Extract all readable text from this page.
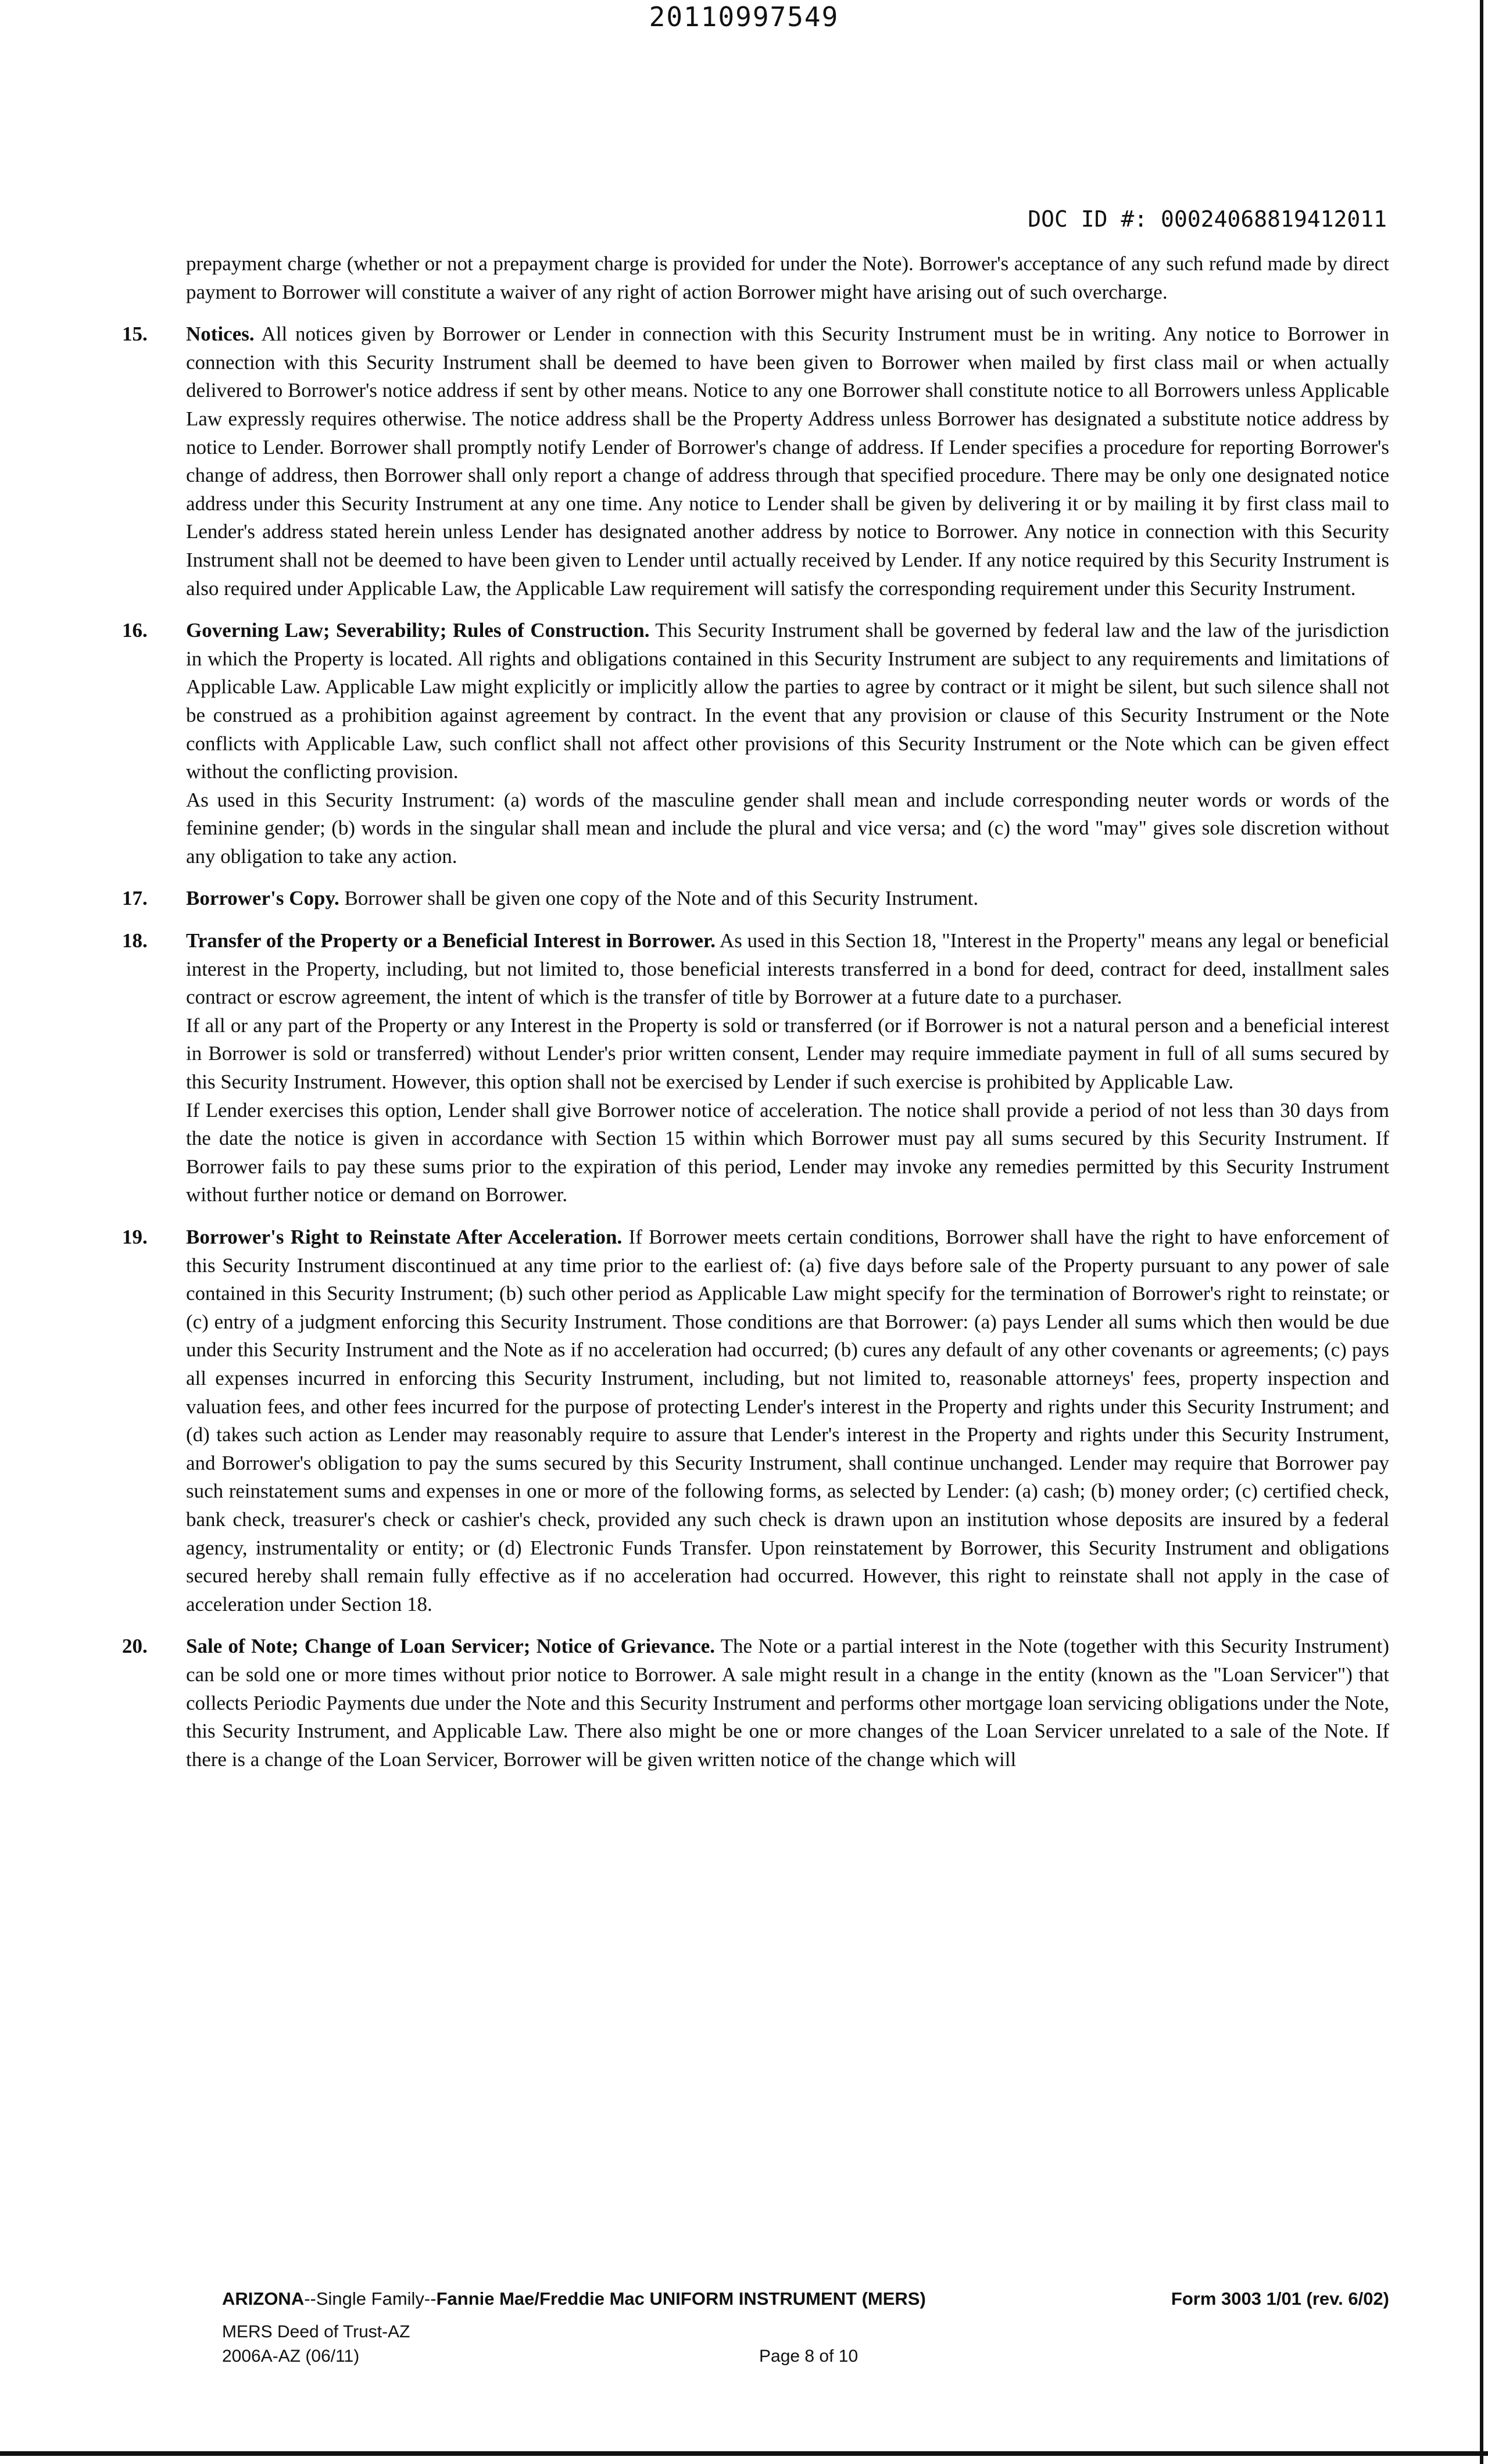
20110997549
DOC ID #: 00024068819412011

prepayment charge (whether or not a prepayment charge is provided for under the Note). Borrower's acceptance of any such refund made by direct payment to Borrower will constitute a waiver of any right of action Borrower might have arising out of such overcharge.

15. Notices. All notices given by Borrower or Lender in connection with this Security Instrument must be in writing. Any notice to Borrower in connection with this Security Instrument shall be deemed to have been given to Borrower when mailed by first class mail or when actually delivered to Borrower's notice address if sent by other means. Notice to any one Borrower shall constitute notice to all Borrowers unless Applicable Law expressly requires otherwise. The notice address shall be the Property Address unless Borrower has designated a substitute notice address by notice to Lender. Borrower shall promptly notify Lender of Borrower's change of address. If Lender specifies a procedure for reporting Borrower's change of address, then Borrower shall only report a change of address through that specified procedure. There may be only one designated notice address under this Security Instrument at any one time. Any notice to Lender shall be given by delivering it or by mailing it by first class mail to Lender's address stated herein unless Lender has designated another address by notice to Borrower. Any notice in connection with this Security Instrument shall not be deemed to have been given to Lender until actually received by Lender. If any notice required by this Security Instrument is also required under Applicable Law, the Applicable Law requirement will satisfy the corresponding requirement under this Security Instrument.

16. Governing Law; Severability; Rules of Construction. This Security Instrument shall be governed by federal law and the law of the jurisdiction in which the Property is located. All rights and obligations contained in this Security Instrument are subject to any requirements and limitations of Applicable Law. Applicable Law might explicitly or implicitly allow the parties to agree by contract or it might be silent, but such silence shall not be construed as a prohibition against agreement by contract. In the event that any provision or clause of this Security Instrument or the Note conflicts with Applicable Law, such conflict shall not affect other provisions of this Security Instrument or the Note which can be given effect without the conflicting provision.

As used in this Security Instrument: (a) words of the masculine gender shall mean and include corresponding neuter words or words of the feminine gender; (b) words in the singular shall mean and include the plural and vice versa; and (c) the word "may" gives sole discretion without any obligation to take any action.

17. Borrower's Copy. Borrower shall be given one copy of the Note and of this Security Instrument.

18. Transfer of the Property or a Beneficial Interest in Borrower. As used in this Section 18, "Interest in the Property" means any legal or beneficial interest in the Property, including, but not limited to, those beneficial interests transferred in a bond for deed, contract for deed, installment sales contract or escrow agreement, the intent of which is the transfer of title by Borrower at a future date to a purchaser.

If all or any part of the Property or any Interest in the Property is sold or transferred (or if Borrower is not a natural person and a beneficial interest in Borrower is sold or transferred) without Lender's prior written consent, Lender may require immediate payment in full of all sums secured by this Security Instrument. However, this option shall not be exercised by Lender if such exercise is prohibited by Applicable Law.

If Lender exercises this option, Lender shall give Borrower notice of acceleration. The notice shall provide a period of not less than 30 days from the date the notice is given in accordance with Section 15 within which Borrower must pay all sums secured by this Security Instrument. If Borrower fails to pay these sums prior to the expiration of this period, Lender may invoke any remedies permitted by this Security Instrument without further notice or demand on Borrower.

19. Borrower's Right to Reinstate After Acceleration. If Borrower meets certain conditions, Borrower shall have the right to have enforcement of this Security Instrument discontinued at any time prior to the earliest of: (a) five days before sale of the Property pursuant to any power of sale contained in this Security Instrument; (b) such other period as Applicable Law might specify for the termination of Borrower's right to reinstate; or (c) entry of a judgment enforcing this Security Instrument. Those conditions are that Borrower: (a) pays Lender all sums which then would be due under this Security Instrument and the Note as if no acceleration had occurred; (b) cures any default of any other covenants or agreements; (c) pays all expenses incurred in enforcing this Security Instrument, including, but not limited to, reasonable attorneys' fees, property inspection and valuation fees, and other fees incurred for the purpose of protecting Lender's interest in the Property and rights under this Security Instrument; and (d) takes such action as Lender may reasonably require to assure that Lender's interest in the Property and rights under this Security Instrument, and Borrower's obligation to pay the sums secured by this Security Instrument, shall continue unchanged. Lender may require that Borrower pay such reinstatement sums and expenses in one or more of the following forms, as selected by Lender: (a) cash; (b) money order; (c) certified check, bank check, treasurer's check or cashier's check, provided any such check is drawn upon an institution whose deposits are insured by a federal agency, instrumentality or entity; or (d) Electronic Funds Transfer. Upon reinstatement by Borrower, this Security Instrument and obligations secured hereby shall remain fully effective as if no acceleration had occurred. However, this right to reinstate shall not apply in the case of acceleration under Section 18.

20. Sale of Note; Change of Loan Servicer; Notice of Grievance. The Note or a partial interest in the Note (together with this Security Instrument) can be sold one or more times without prior notice to Borrower. A sale might result in a change in the entity (known as the "Loan Servicer") that collects Periodic Payments due under the Note and this Security Instrument and performs other mortgage loan servicing obligations under the Note, this Security Instrument, and Applicable Law. There also might be one or more changes of the Loan Servicer unrelated to a sale of the Note. If there is a change of the Loan Servicer, Borrower will be given written notice of the change which will

ARIZONA--Single Family--Fannie Mae/Freddie Mac UNIFORM INSTRUMENT (MERS)	Form 3003 1/01 (rev. 6/02)
MERS Deed of Trust-AZ
2006A-AZ (06/11)	Page 8 of 10
